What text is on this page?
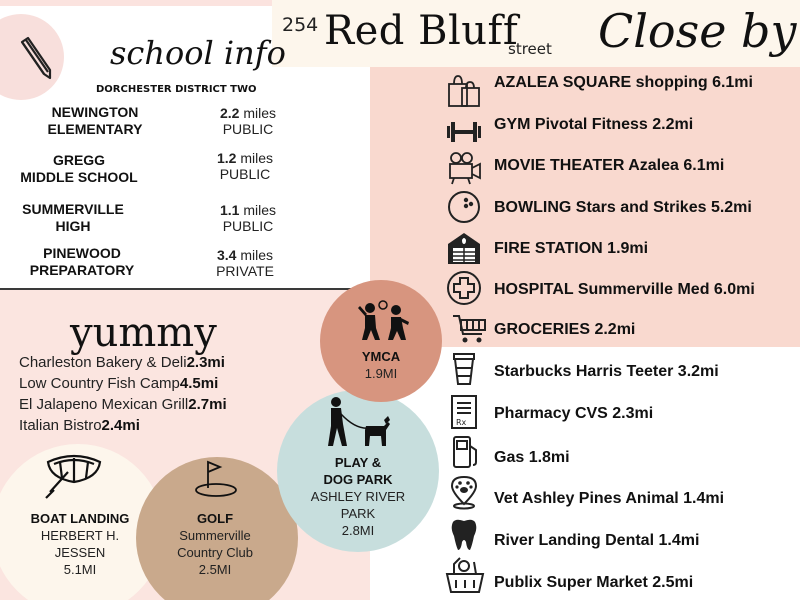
254 Red Bluff
street Close by
school info
DORCHESTER DISTRICT TWO
NEWINGTON
ELEMENTARY
2.2 miles
PUBLIC
GREGG
MIDDLE SCHOOL
1.2 miles
PUBLIC
SUMMERVILLE
HIGH
1.1 miles
PUBLIC
PINEWOOD
PREPARATORY
3.4 miles
PRIVATE
yummy
Charleston Bakery & Deli2.3mi
Low Country Fish Camp4.5mi
El Jalapeno Mexican Grill2.7mi
Italian Bistro2.4mi
YMCA
1.9MI
PLAY &
DOG PARK
ASHLEY RIVER
PARK
2.8MI
GOLF
Summerville
Country Club
2.5MI
BOAT LANDING
HERBERT H.
JESSEN
5.1MI
AZALEA SQUARE shopping 6.1mi
GYM Pivotal Fitness 2.2mi
MOVIE THEATER Azalea 6.1mi
BOWLING Stars and Strikes 5.2mi
FIRE STATION 1.9mi
HOSPITAL Summerville Med 6.0mi
GROCERIES 2.2mi
Starbucks Harris Teeter 3.2mi
Rx
Pharmacy CVS 2.3mi
Gas 1.8mi
Vet Ashley Pines Animal 1.4mi
River Landing Dental 1.4mi
Publix Super Market 2.5mi
